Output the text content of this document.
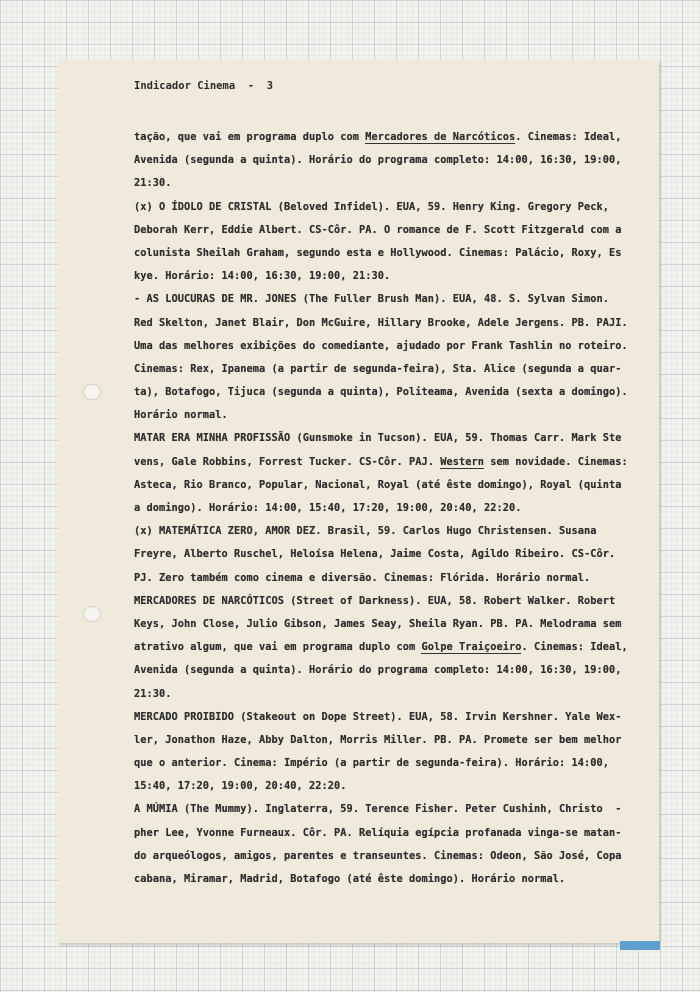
Indicador Cinema  -  3
tação, que vai em programa duplo com Mercadores de Narcóticos. Cinemas: Ideal,
Avenida (segunda a quinta). Horário do programa completo: 14:00, 16:30, 19:00,
21:30.
(x) O ÍDOLO DE CRISTAL (Beloved Infidel). EUA, 59. Henry King. Gregory Peck,
Deborah Kerr, Eddie Albert. CS-Côr. PA. O romance de F. Scott Fitzgerald com a
colunista Sheilah Graham, segundo esta e Hollywood. Cinemas: Palácio, Roxy, Es
kye. Horário: 14:00, 16:30, 19:00, 21:30.
- AS LOUCURAS DE MR. JONES (The Fuller Brush Man). EUA, 48. S. Sylvan Simon.
Red Skelton, Janet Blair, Don McGuire, Hillary Brooke, Adele Jergens. PB. PAJI.
Uma das melhores exibições do comediante, ajudado por Frank Tashlin no roteiro.
Cinemas: Rex, Ipanema (a partir de segunda-feira), Sta. Alice (segunda a quar-
ta), Botafogo, Tijuca (segunda a quinta), Politeama, Avenida (sexta a domingo).
Horário normal.
MATAR ERA MINHA PROFISSÃO (Gunsmoke in Tucson). EUA, 59. Thomas Carr. Mark Ste
vens, Gale Robbins, Forrest Tucker. CS-Côr. PAJ. Western sem novidade. Cinemas:
Asteca, Rio Branco, Popular, Nacional, Royal (até êste domingo), Royal (quinta
a domingo). Horário: 14:00, 15:40, 17:20, 19:00, 20:40, 22:20.
(x) MATEMÁTICA ZERO, AMOR DEZ. Brasil, 59. Carlos Hugo Christensen. Susana
Freyre, Alberto Ruschel, Heloísa Helena, Jaime Costa, Agildo Ribeiro. CS-Côr.
PJ. Zero também como cinema e diversão. Cinemas: Flórida. Horário normal.
MERCADORES DE NARCÓTICOS (Street of Darkness). EUA, 58. Robert Walker. Robert
Keys, John Close, Julio Gibson, James Seay, Sheila Ryan. PB. PA. Melodrama sem
atrativo algum, que vai em programa duplo com Golpe Traiçoeiro. Cinemas: Ideal,
Avenida (segunda a quinta). Horário do programa completo: 14:00, 16:30, 19:00,
21:30.
MERCADO PROIBIDO (Stakeout on Dope Street). EUA, 58. Irvin Kershner. Yale Wex-
ler, Jonathon Haze, Abby Dalton, Morris Miller. PB. PA. Promete ser bem melhor
que o anterior. Cinema: Império (a partir de segunda-feira). Horário: 14:00,
15:40, 17:20, 19:00, 20:40, 22:20.
A MÚMIA (The Mummy). Inglaterra, 59. Terence Fisher. Peter Cushinh, Christo  -
pher Lee, Yvonne Furneaux. Côr. PA. Relíquia egípcia profanada vinga-se matan-
do arqueólogos, amigos, parentes e transeuntes. Cinemas: Odeon, São José, Copa
cabana, Miramar, Madrid, Botafogo (até êste domingo). Horário normal.
